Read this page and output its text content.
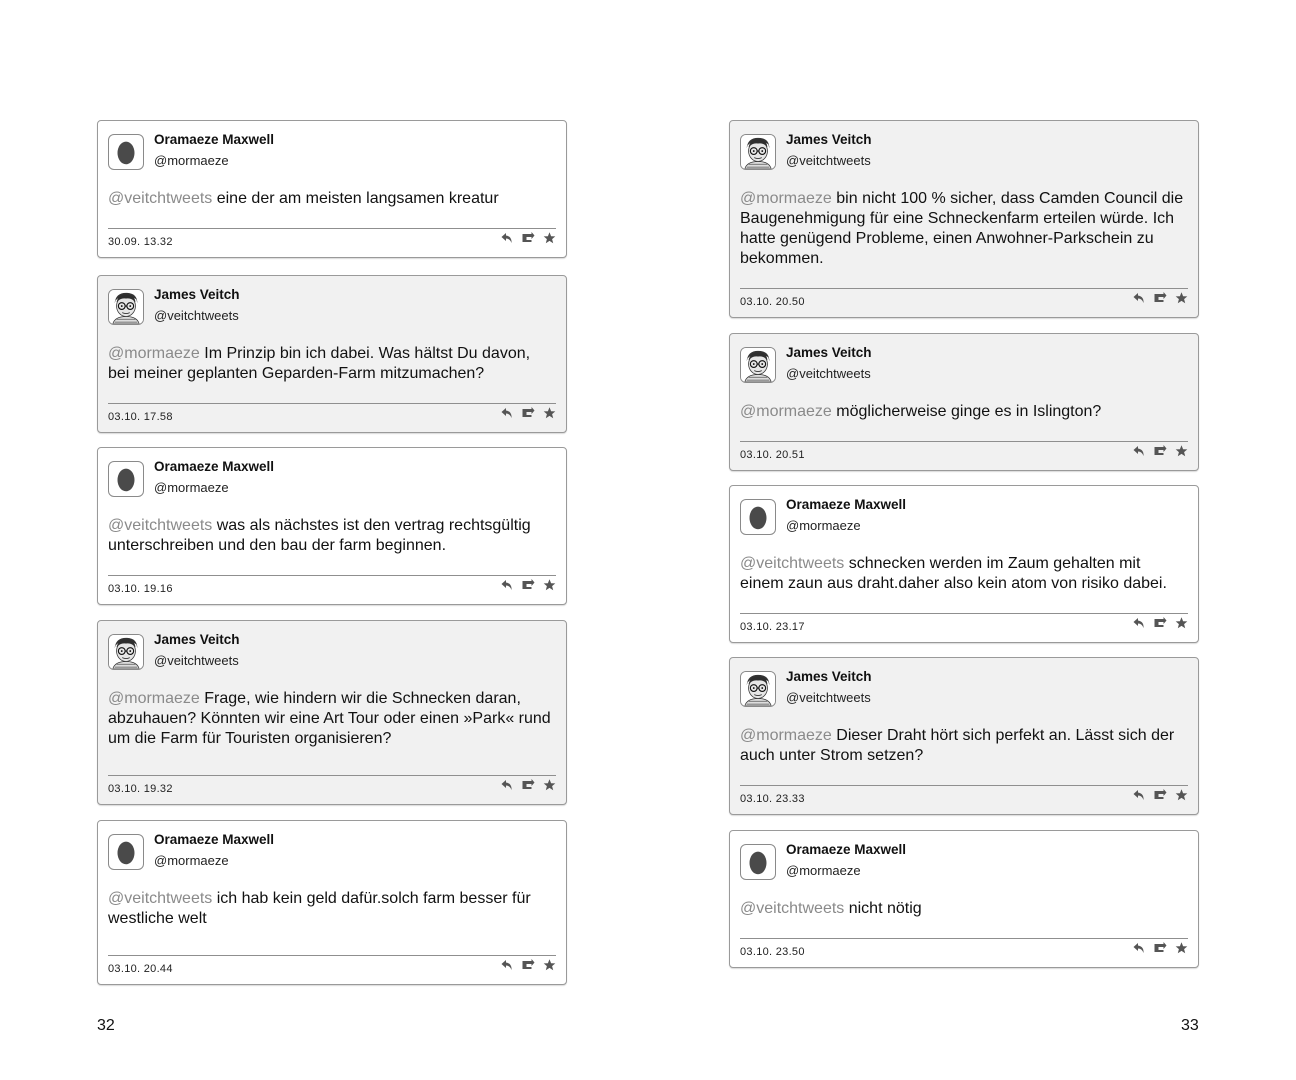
Oramaeze Maxwell
@mormaeze
@veitchtweets eine der am meisten langsamen kreatur
30.09. 13.32
James Veitch
@veitchtweets
@mormaeze Im Prinzip bin ich dabei. Was hältst Du davon, bei meiner geplanten Geparden-Farm mitzumachen?
03.10. 17.58
Oramaeze Maxwell
@mormaeze
@veitchtweets was als nächstes ist den vertrag rechtsgültig unterschreiben und den bau der farm beginnen.
03.10. 19.16
James Veitch
@veitchtweets
@mormaeze Frage, wie hindern wir die Schnecken daran, abzuhauen? Könnten wir eine Art Tour oder einen »Park« rund um die Farm für Touristen organisieren?
03.10. 19.32
Oramaeze Maxwell
@mormaeze
@veitchtweets ich hab kein geld dafür.solch farm besser für westliche welt
03.10. 20.44
James Veitch
@veitchtweets
@mormaeze bin nicht 100 % sicher, dass Camden Council die Baugenehmigung für eine Schneckenfarm erteilen würde. Ich hatte genügend Probleme, einen Anwohner-Parkschein zu bekommen.
03.10. 20.50
James Veitch
@veitchtweets
@mormaeze möglicherweise ginge es in Islington?
03.10. 20.51
Oramaeze Maxwell
@mormaeze
@veitchtweets schnecken werden im Zaum gehalten mit einem zaun aus draht.daher also kein atom von risiko dabei.
03.10. 23.17
James Veitch
@veitchtweets
@mormaeze Dieser Draht hört sich perfekt an. Lässt sich der auch unter Strom setzen?
03.10. 23.33
Oramaeze Maxwell
@mormaeze
@veitchtweets nicht nötig
03.10. 23.50
32	33
